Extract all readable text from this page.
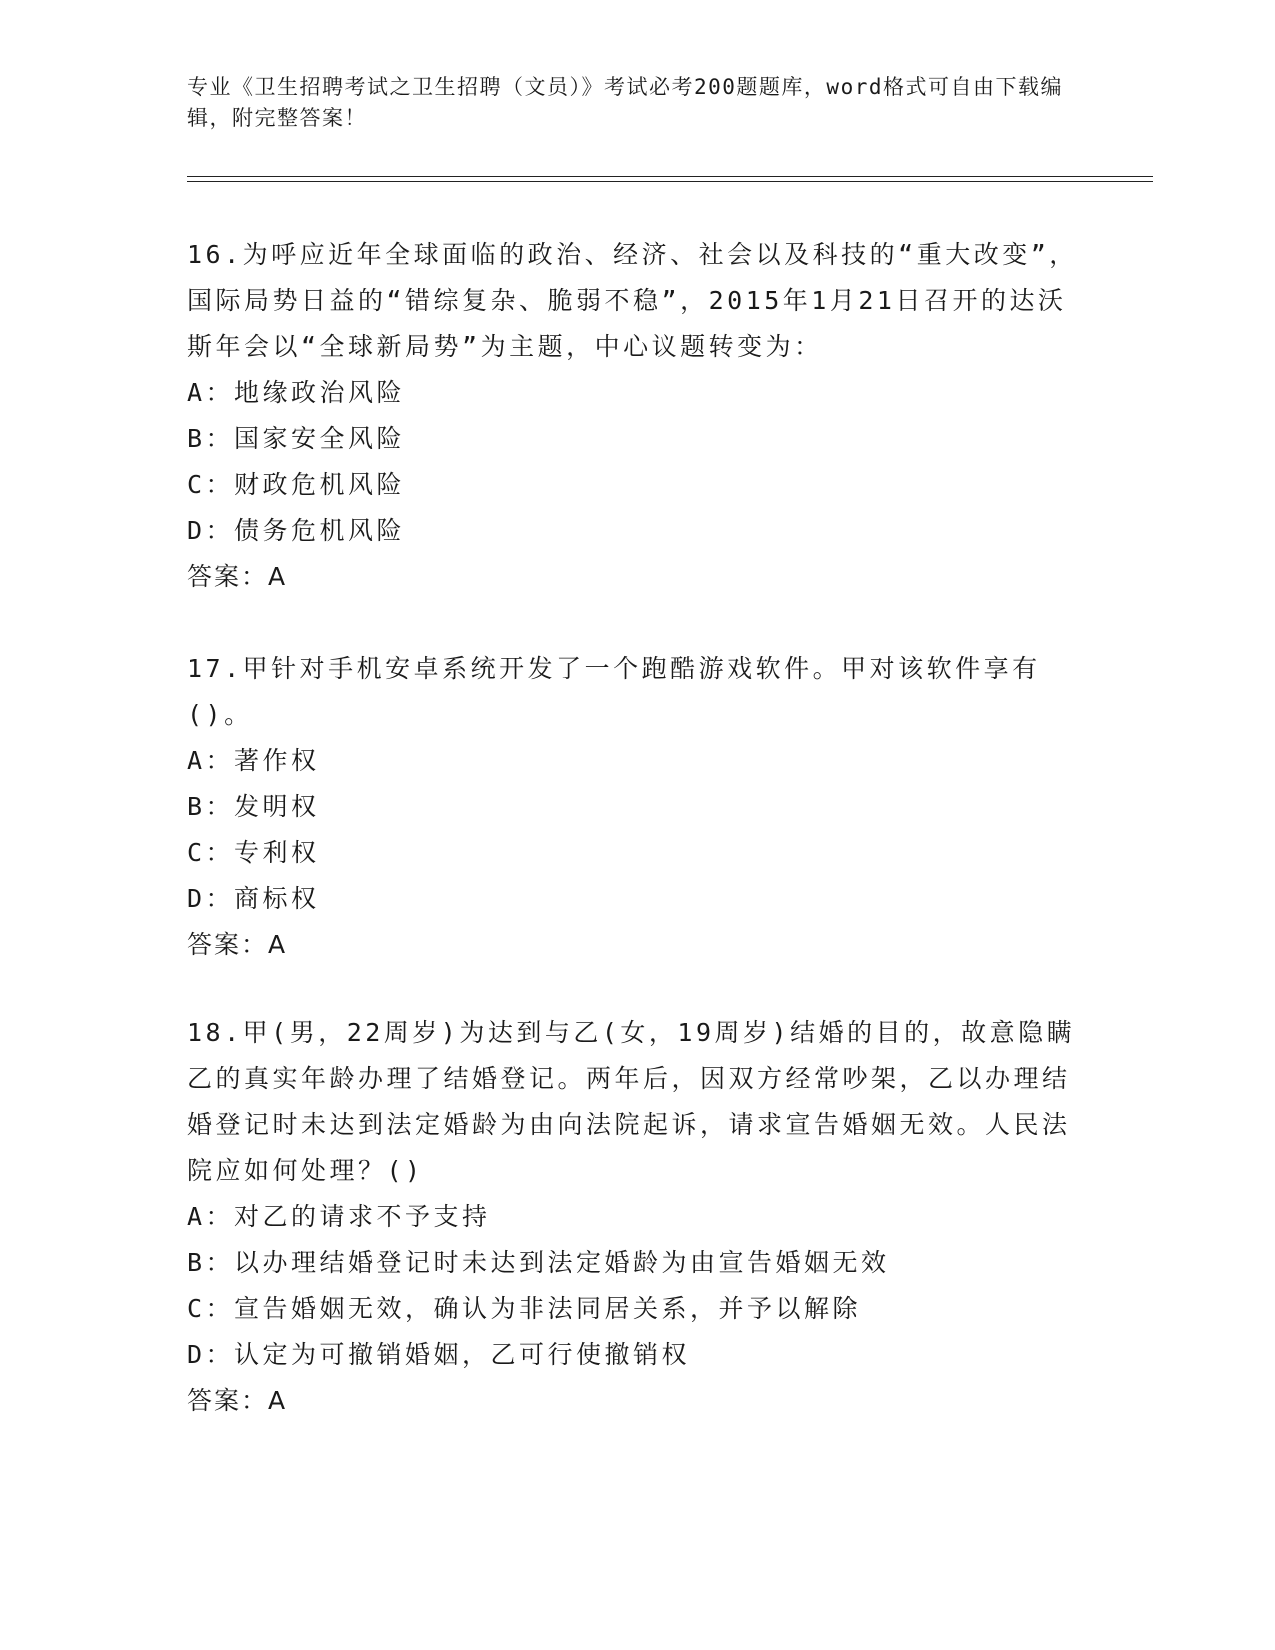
专业《卫生招聘考试之卫生招聘（文员）》考试必考200题题库，word格式可自由下载编辑，附完整答案！
16.为呼应近年全球面临的政治、经济、社会以及科技的“重大改变”，国际局势日益的“错综复杂、脆弱不稳”，2015年1月21日召开的达沃斯年会以“全球新局势”为主题，中心议题转变为：
A：地缘政治风险
B：国家安全风险
C：财政危机风险
D：债务危机风险
答案：A
17.甲针对手机安卓系统开发了一个跑酷游戏软件。甲对该软件享有()。
A：著作权
B：发明权
C：专利权
D：商标权
答案：A
18.甲(男，22周岁)为达到与乙(女，19周岁)结婚的目的，故意隐瞒乙的真实年龄办理了结婚登记。两年后，因双方经常吵架，乙以办理结婚登记时未达到法定婚龄为由向法院起诉，请求宣告婚姻无效。人民法院应如何处理？()
A：对乙的请求不予支持
B：以办理结婚登记时未达到法定婚龄为由宣告婚姻无效
C：宣告婚姻无效，确认为非法同居关系，并予以解除
D：认定为可撤销婚姻，乙可行使撤销权
答案：A
